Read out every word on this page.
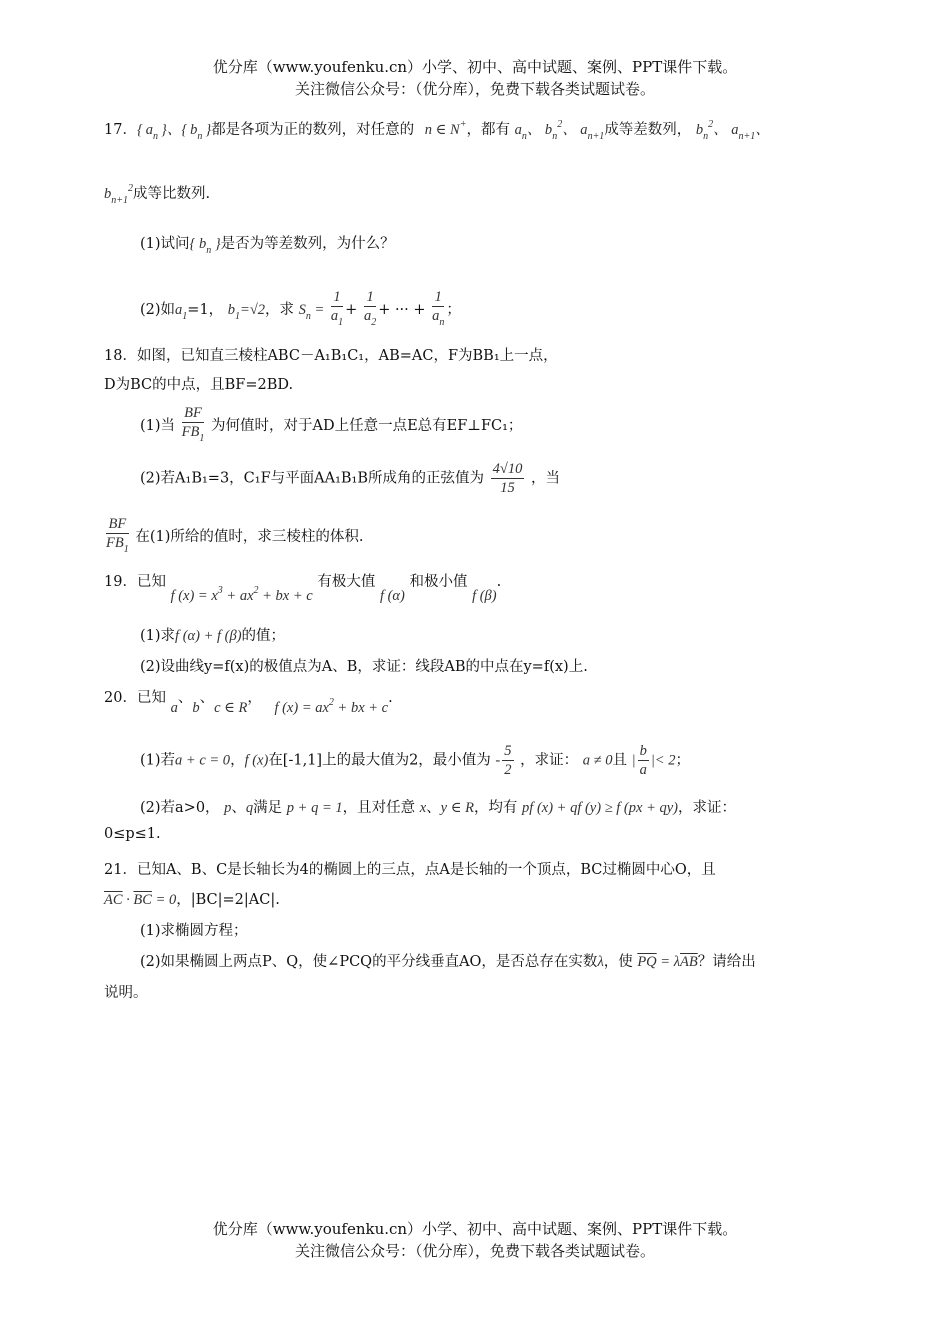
优分库（www.youfenku.cn）小学、初中、高中试题、案例、PPT课件下载。
关注微信公众号：（优分库），免费下载各类试题试卷。
17．{ $a_n$ }、{ $b_n$ }都是各项为正的数列，对任意的 n ∈ N+，都有 $a_n$、 $b_n^2$、 $a_{n+1}$成等差数列， $b_n^2$、 $a_{n+1}$、
$b_{n+1}^2$成等比数列.
(1)试问{ $b_n$ }是否为等差数列，为什么？
(2)如$a_1=1$， $b_1=√2$，求 $S_n = \frac{1}{a_1} + \frac{1}{a_2}$ + ··· + $\frac{1}{a_n}$ ；
18．如图，已知直三棱柱ABC－A₁B₁C₁，AB=AC，F为BB₁上一点，
D为BC的中点，且BF=2BD.
(1)当 $\frac{BF}{FB_1}$ 为何值时，对于AD上任意一点E总有EF⊥FC₁；
(2)若A₁B₁=3，C₁F与平面AA₁B₁B所成角的正弦值为 $\frac{4√10}{15}$ ，当
$\frac{BF}{FB_1}$ 在(1)所给的值时，求三棱柱的体积.
19．已知 f $(x) = x^3 + ax^2$ + bx + c 有极大值 f (α) 和极小值 f (β).
(1)求f (α) + f (β)的值；
(2)设曲线y=f(x)的极值点为A、B，求证：线段AB的中点在y=f(x)上.
20．已知 a、b、c ∈ R， f $(x) = ax^2$ + bx + c.
(1)若a + c = 0，f (x)在[-1,1]上的最大值为2，最小值为 - $\frac{5}{2}$ ，求证： a ≠ 0且 | $\frac{b}{a}$ |< 2；
(2)若a>0， p、q满足 p + q = 1，且对任意 x、y ∈ R，均有 pf (x) + qf (y) ≥ f (px + qy)，求证：
0≤p≤1.
21．已知A、B、C是长轴长为4的椭圆上的三点，点A是长轴的一个顶点，BC过椭圆中心O，且
$\overline{AC} \cdot \overline{BC} = 0$，|BC|=2|AC|.
(1)求椭圆方程；
(2)如果椭圆上两点P、Q，使∠PCQ的平分线垂直AO，是否总存在实数λ，使 $\overline{PQ} = \lambda\overline{AB}$？请给出
说明。
优分库（www.youfenku.cn）小学、初中、高中试题、案例、PPT课件下载。
关注微信公众号：（优分库），免费下载各类试题试卷。
